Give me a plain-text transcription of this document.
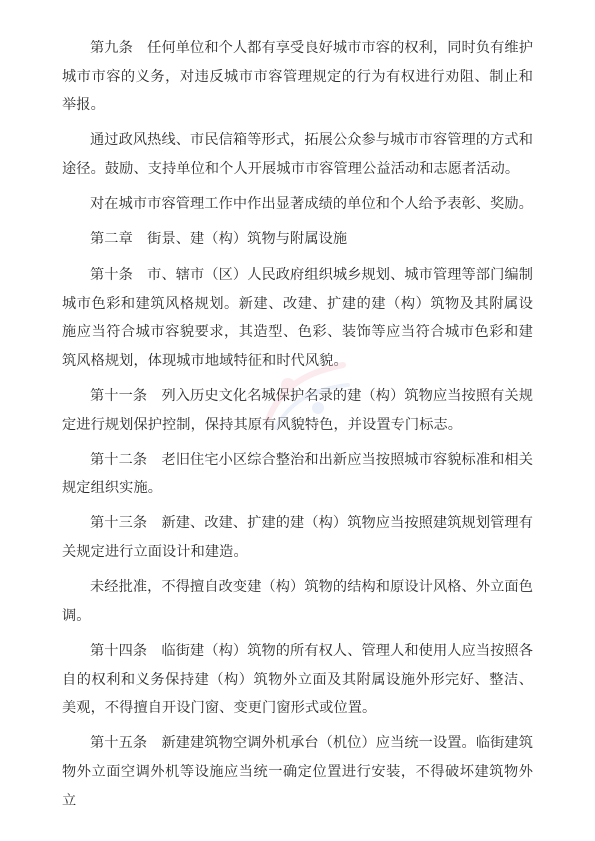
第九条　任何单位和个人都有享受良好城市市容的权利，同时负有维护城市市容的义务，对违反城市市容管理规定的行为有权进行劝阻、制止和举报。

通过政风热线、市民信箱等形式，拓展公众参与城市市容管理的方式和途径。鼓励、支持单位和个人开展城市市容管理公益活动和志愿者活动。

对在城市市容管理工作中作出显著成绩的单位和个人给予表彰、奖励。

第二章　街景、建（构）筑物与附属设施

第十条　市、辖市（区）人民政府组织城乡规划、城市管理等部门编制城市色彩和建筑风格规划。新建、改建、扩建的建（构）筑物及其附属设施应当符合城市容貌要求，其造型、色彩、装饰等应当符合城市色彩和建筑风格规划，体现城市地域特征和时代风貌。

第十一条　列入历史文化名城保护名录的建（构）筑物应当按照有关规定进行规划保护控制，保持其原有风貌特色，并设置专门标志。

第十二条　老旧住宅小区综合整治和出新应当按照城市容貌标准和相关规定组织实施。

第十三条　新建、改建、扩建的建（构）筑物应当按照建筑规划管理有关规定进行立面设计和建造。

未经批准，不得擅自改变建（构）筑物的结构和原设计风格、外立面色调。

第十四条　临街建（构）筑物的所有权人、管理人和使用人应当按照各自的权利和义务保持建（构）筑物外立面及其附属设施外形完好、整洁、美观，不得擅自开设门窗、变更门窗形式或位置。

第十五条　新建建筑物空调外机承台（机位）应当统一设置。临街建筑物外立面空调外机等设施应当统一确定位置进行安装，不得破坏建筑物外立
